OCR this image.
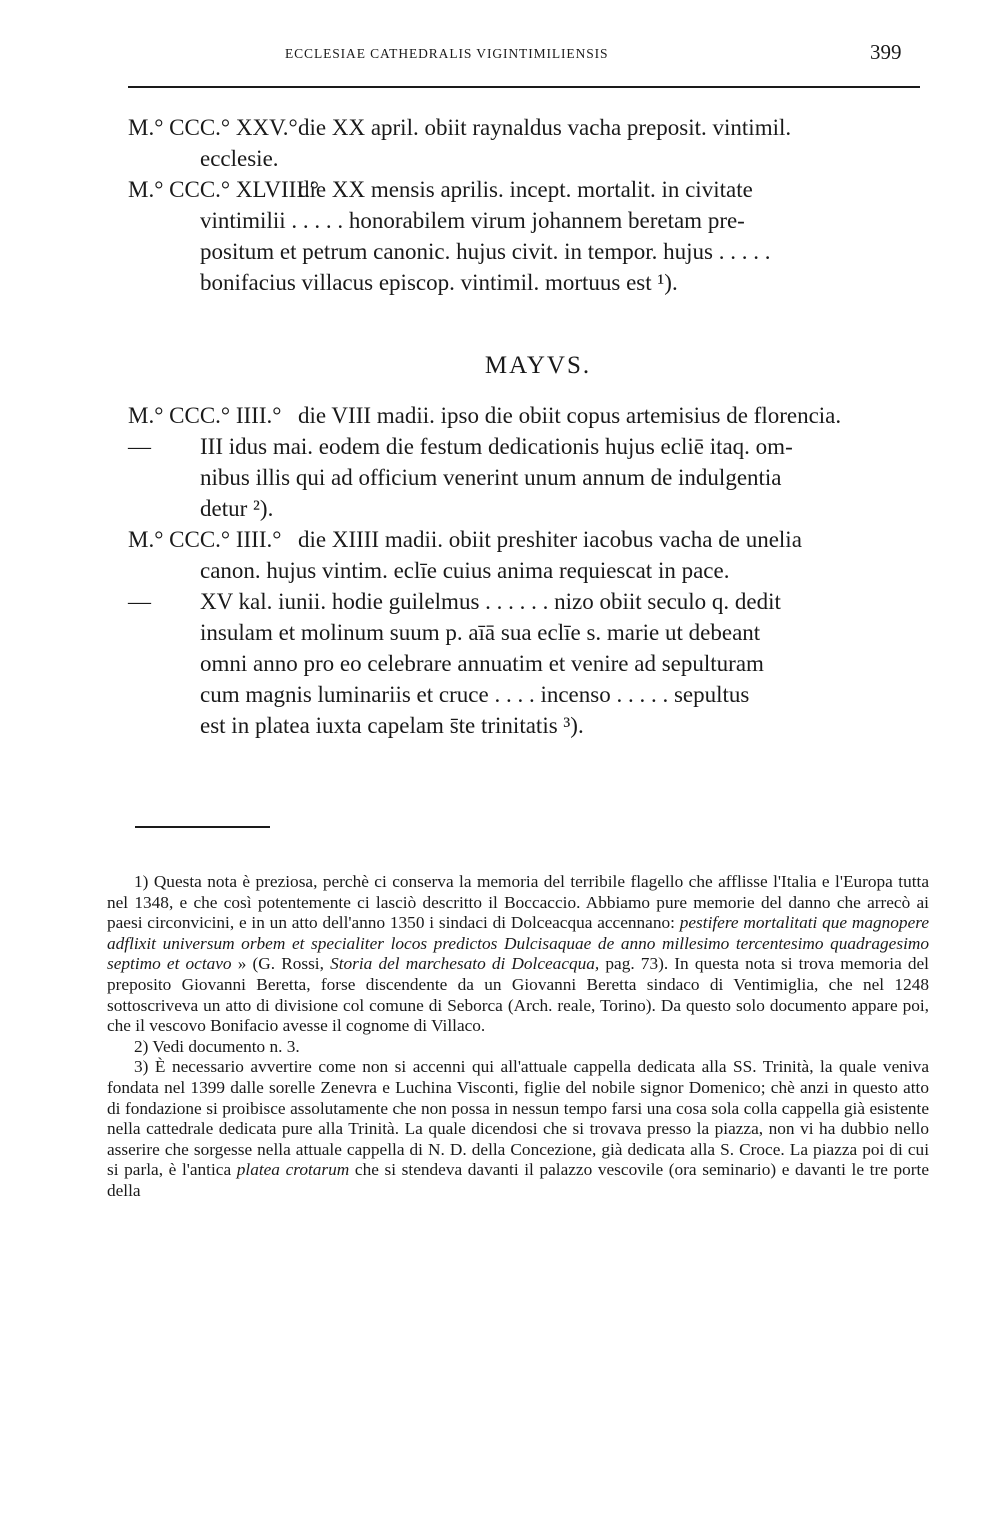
ECCLESIAE CATHEDRALIS VIGINTIMILIENSIS	399
M.° CCC.° XXV.° die XX april. obiit raynaldus vacha preposit. vintimil.
ecclesie.
M.° CCC.° XLVIII.°
die XX mensis aprilis. incept. mortalit. in civitate
vintimilii . . . . . honorabilem virum johannem beretam pre-
positum et petrum canonic. hujus civit. in tempor. hujus . . . . .
bonifacius villacus episcop. vintimil. mortuus est ¹).
MAYVS.
M.° CCC.° IIII.° die VIII madii. ipso die obiit copus artemisius de florencia.
—	III idus mai. eodem die festum dedicationis hujus ecliē itaq. om-
nibus illis qui ad officium venerint unum annum de indulgentia
detur ²).
M.° CCC.° IIII.° die XIIII madii. obiit preshiter iacobus vacha de unelia
canon. hujus vintim. eclīe cuius anima requiescat in pace.
—	XV kal. iunii. hodie guilelmus . . . . . . nizo obiit seculo q. dedit
insulam et molinum suum p. aīā sua eclīe s. marie ut debeant
omni anno pro eo celebrare annuatim et venire ad sepulturam
cum magnis luminariis et cruce . . . . incenso . . . . . sepultus
est in platea iuxta capelam s̄te trinitatis ³).

1) Questa nota è preziosa, perchè ci conserva la memoria del terribile flagello che afflisse l'Italia e l'Europa tutta nel 1348, e che così potentemente ci lasciò descritto il Boccaccio. Abbiamo pure memorie del danno che arrecò ai paesi circonvicini, e in un atto dell'anno 1350 i sindaci di Dolceacqua accennano: pestifere mortalitati que magnopere adflixit universum orbem et specialiter locos predictos Dulcisaquae de anno millesimo tercentesimo quadragesimo septimo et octavo » (G. Rossi, Storia del marchesato di Dolceacqua, pag. 73). In questa nota si trova memoria del preposito Giovanni Beretta, forse discendente da un Giovanni Beretta sindaco di Ventimiglia, che nel 1248 sottoscriveva un atto di divisione col comune di Seborca (Arch. reale, Torino). Da questo solo documento appare poi, che il vescovo Bonifacio avesse il cognome di Villaco.

2) Vedi documento n. 3.

3) È necessario avvertire come non si accenni qui all'attuale cappella dedicata alla SS. Trinità, la quale veniva fondata nel 1399 dalle sorelle Zenevra e Luchina Visconti, figlie del nobile signor Domenico; chè anzi in questo atto di fondazione si proibisce assolutamente che non possa in nessun tempo farsi una cosa sola colla cappella già esistente nella cattedrale dedicata pure alla Trinità. La quale dicendosi che si trovava presso la piazza, non vi ha dubbio nello asserire che sorgesse nella attuale cappella di N. D. della Concezione, già dedicata alla S. Croce. La piazza poi di cui si parla, è l'antica platea crotarum che si stendeva davanti il palazzo vescovile (ora seminario) e davanti le tre porte della
